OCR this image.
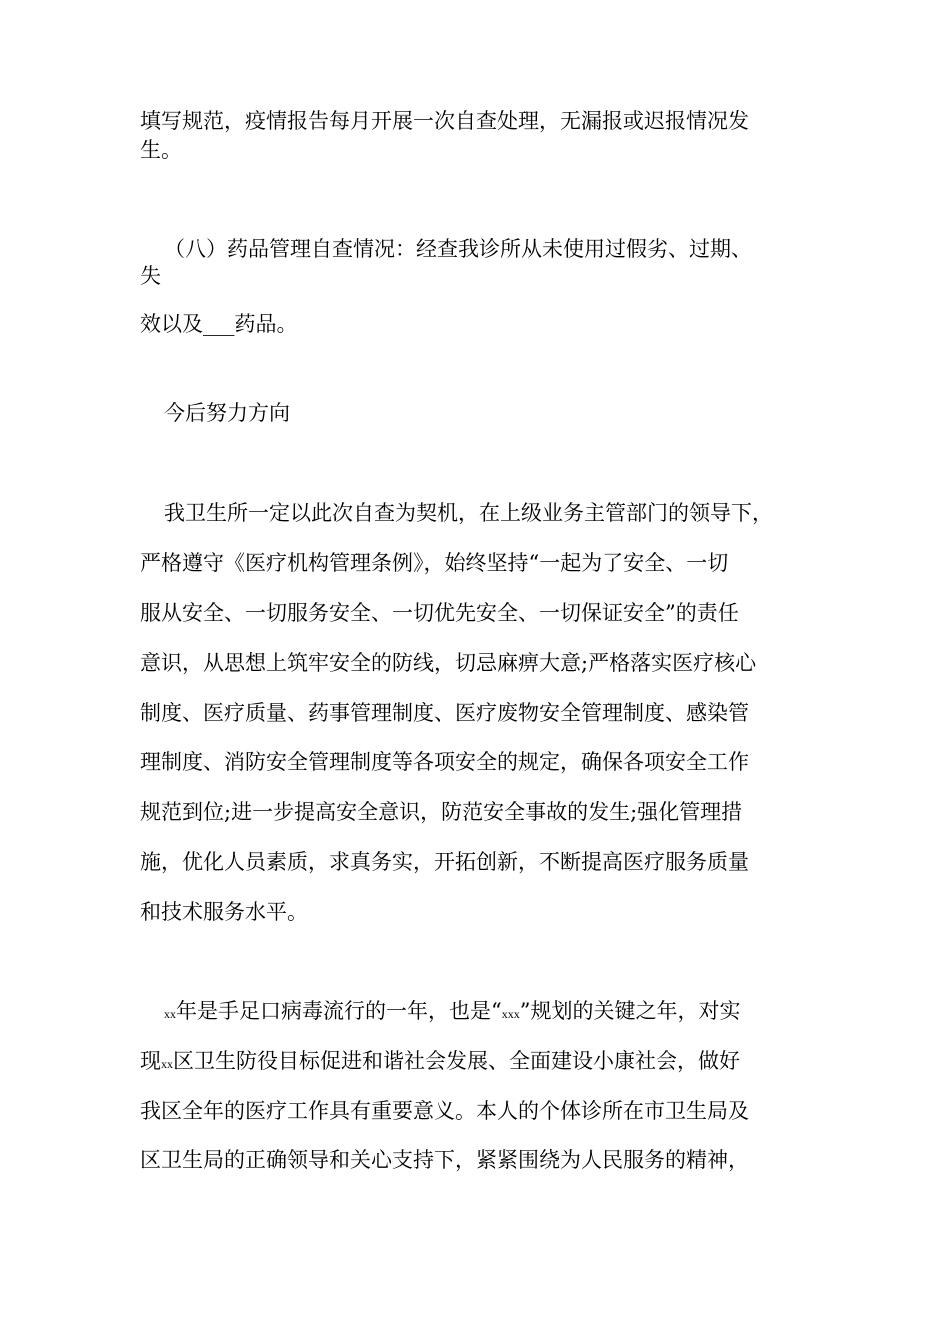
填写规范，疫情报告每月开展一次自查处理，无漏报或迟报情况发

生。

（八）药品管理自查情况：经查我诊所从未使用过假劣、过期、

失

效以及___药品。

今后努力方向

我卫生所一定以此次自查为契机，在上级业务主管部门的领导下，

严格遵守《医疗机构管理条例》，始终坚持“一起为了安全、一切

服从安全、一切服务安全、一切优先安全、一切保证安全”的责任

意识，从思想上筑牢安全的防线，切忌麻痹大意;严格落实医疗核心

制度、医疗质量、药事管理制度、医疗废物安全管理制度、感染管

理制度、消防安全管理制度等各项安全的规定，确保各项安全工作

规范到位;进一步提高安全意识，防范安全事故的发生;强化管理措

施，优化人员素质，求真务实，开拓创新，不断提高医疗服务质量

和技术服务水平。

xx年是手足口病毒流行的一年，也是“xxx”规划的关键之年，对实

现xx区卫生防役目标促进和谐社会发展、全面建设小康社会，做好

我区全年的医疗工作具有重要意义。本人的个体诊所在市卫生局及

区卫生局的正确领导和关心支持下，紧紧围绕为人民服务的精神，
